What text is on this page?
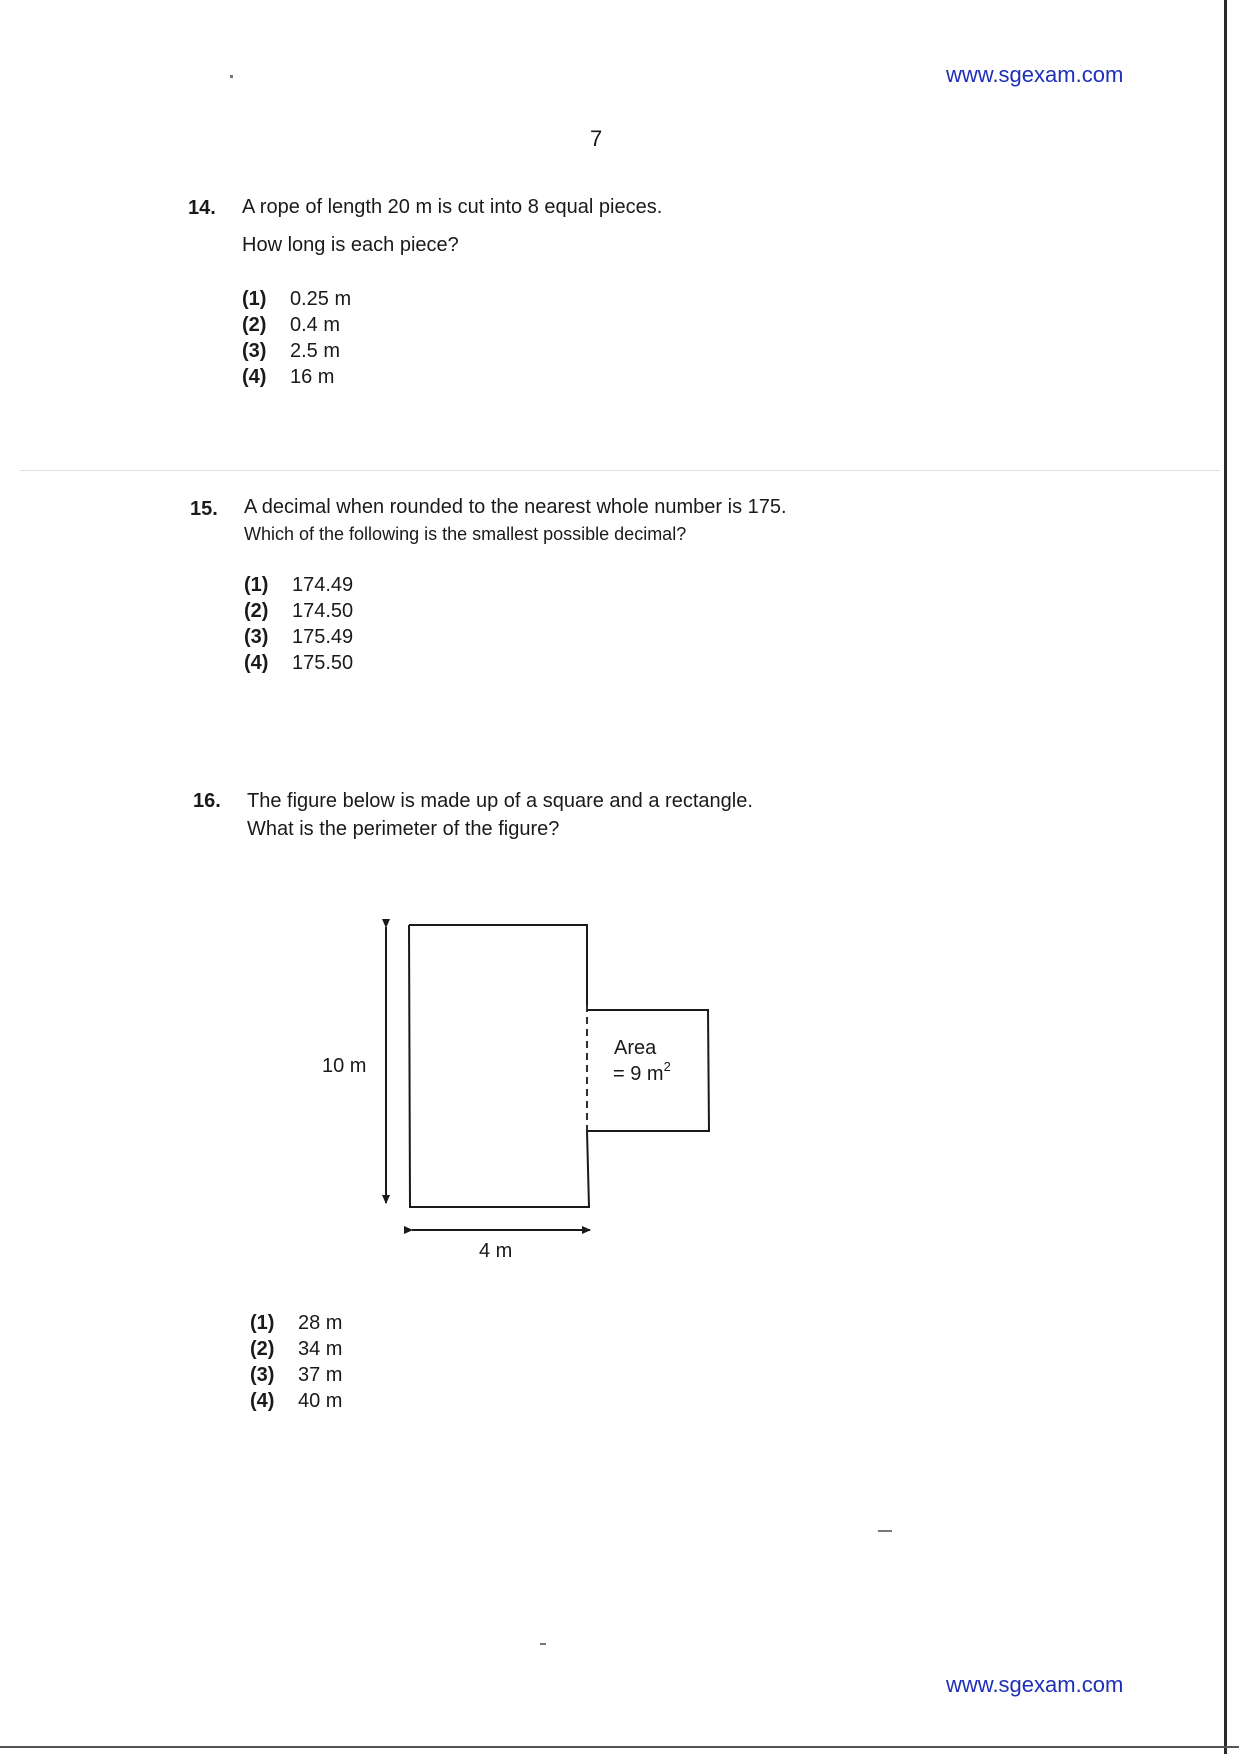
www.sgexam.com
7
14. A rope of length 20 m is cut into 8 equal pieces.
How long is each piece?
(1) 0.25 m
(2) 0.4 m
(3) 2.5 m
(4) 16 m
15. A decimal when rounded to the nearest whole number is 175.
Which of the following is the smallest possible decimal?
(1) 174.49
(2) 174.50
(3) 175.49
(4) 175.50
16. The figure below is made up of a square and a rectangle.
What is the perimeter of the figure?
10 m
4 m
Area
= 9 $m^2$
(1) 28 m
(2) 34 m
(3) 37 m
(4) 40 m
www.sgexam.com
